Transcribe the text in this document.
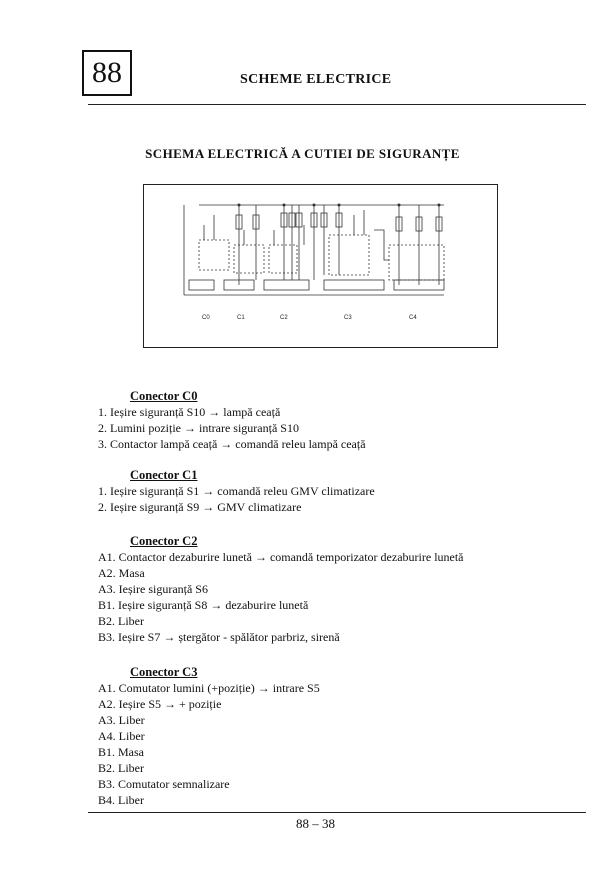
88	SCHEME ELECTRICE
SCHEMA ELECTRICĂ A CUTIEI DE SIGURANȚE
C0	C1	C2	C3	C4
Conector C0
1. Ieșire siguranță S10 → lampă ceață
2. Lumini poziție → intrare siguranță S10
3. Contactor lampă ceață → comandă releu lampă ceață
Conector C1
1. Ieșire siguranță S1 → comandă releu GMV climatizare
2. Ieșire siguranță S9 → GMV climatizare
Conector C2
A1. Contactor dezaburire lunetă → comandă temporizator dezaburire lunetă
A2. Masa
A3. Ieșire siguranță S6
B1. Ieșire siguranță S8 → dezaburire lunetă
B2. Liber
B3. Ieșire S7 → ștergător - spălător parbriz, sirenă
Conector C3
A1. Comutator lumini (+poziție) → intrare S5
A2. Ieșire S5 → + poziție
A3. Liber
A4. Liber
B1. Masa
B2. Liber
B3. Comutator semnalizare
B4. Liber
88 – 38
